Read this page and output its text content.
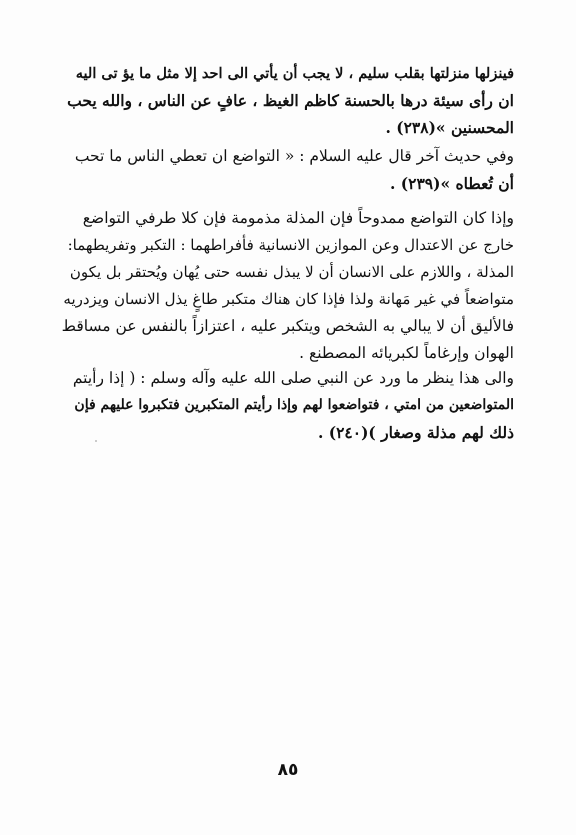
فينزلها منزلتها بقلب سليم ، لا يجب أن يأتي الى احد إلا مثل ما يؤ تى اليه
ان رأى سيئة درها بالحسنة كاظم الغيظ ، عافٍ عن الناس ، والله يحب
المحسنين »(٢٣٨) .
وفي حديث آخر قال عليه السلام : « التواضع ان تعطي الناس ما تحب
أن تُعطاه »(٢٣٩) .
وإذا كان التواضع ممدوحاً فإن المذلة مذمومة فإن كلا طرفي التواضع
خارج عن الاعتدال وعن الموازين الانسانية فأفراطهما : التكبر وتفريطهما:
المذلة ، واللازم على الانسان أن لا يبذل نفسه حتى يُهان ويُحتقر بل يكون
متواضعاً في غير مَهانة ولذا فإذا كان هناك متكبر طاغٍ يذل الانسان ويزدريه
فالأليق أن لا يبالي به الشخص ويتكبر عليه ، اعتزازاً بالنفس عن مساقط
الهوان وإرغاماً لكبريائه المصطنع .
والى هذا ينظر ما ورد عن النبي صلى الله عليه وآله وسلم : ( إذا رأيتم
المتواضعين من امتي ، فتواضعوا لهم وإذا رأيتم المتكبرين فتكبروا عليهم فإن
ذلك لهم مذلة وصغار )(٢٤٠) .
٨٥
